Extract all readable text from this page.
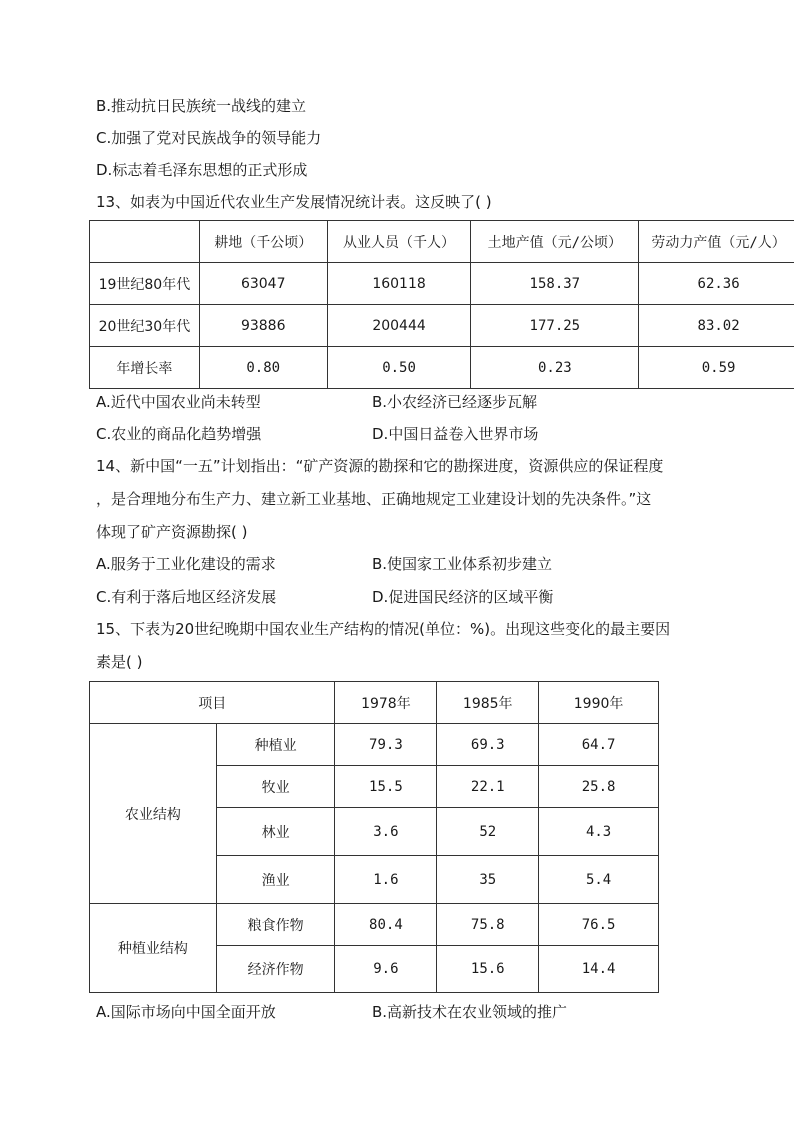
B.推动抗日民族统一战线的建立
C.加强了党对民族战争的领导能力
D.标志着毛泽东思想的正式形成
13、如表为中国近代农业生产发展情况统计表。这反映了( )
	耕地（千公顷）	从业人员（千人）	土地产值（元/公顷）	劳动力产值（元/人）
19世纪80年代	63047	160118	158.37	62.36
20世纪30年代	93886	200444	177.25	83.02
年增长率	0.80	0.50	0.23	0.59
A.近代中国农业尚未转型	B.小农经济已经逐步瓦解
C.农业的商品化趋势增强	D.中国日益卷入世界市场
14、新中国“一五”计划指出：“矿产资源的勘探和它的勘探进度，资源供应的保证程度
，是合理地分布生产力、建立新工业基地、正确地规定工业建设计划的先决条件。”这
体现了矿产资源勘探( )
A.服务于工业化建设的需求	B.使国家工业体系初步建立
C.有利于落后地区经济发展	D.促进国民经济的区域平衡
15、下表为20世纪晚期中国农业生产结构的情况(单位：%)。出现这些变化的最主要因
素是( )
项目		1978年	1985年	1990年
农业结构	种植业	79.3	69.3	64.7
	牧业	15.5	22.1	25.8
	林业	3.6	52	4.3
	渔业	1.6	35	5.4
种植业结构	粮食作物	80.4	75.8	76.5
	经济作物	9.6	15.6	14.4
A.国际市场向中国全面开放	B.高新技术在农业领域的推广
